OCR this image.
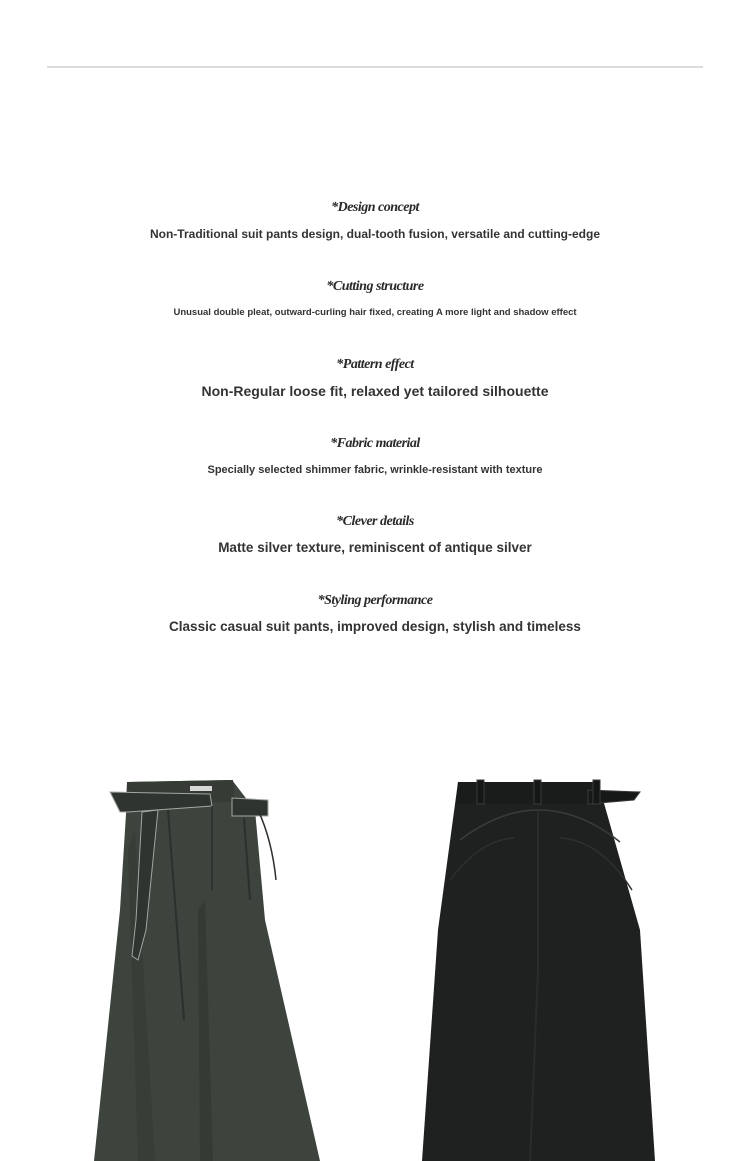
*Design concept
Non-Traditional suit pants design, dual-tooth fusion, versatile and cutting-edge
*Cutting structure
Unusual double pleat, outward-curling hair fixed, creating A more light and shadow effect
*Pattern effect
Non-Regular loose fit, relaxed yet tailored silhouette
*Fabric material
Specially selected shimmer fabric, wrinkle-resistant with texture
*Clever details
Matte silver texture, reminiscent of antique silver
*Styling performance
Classic casual suit pants, improved design, stylish and timeless
